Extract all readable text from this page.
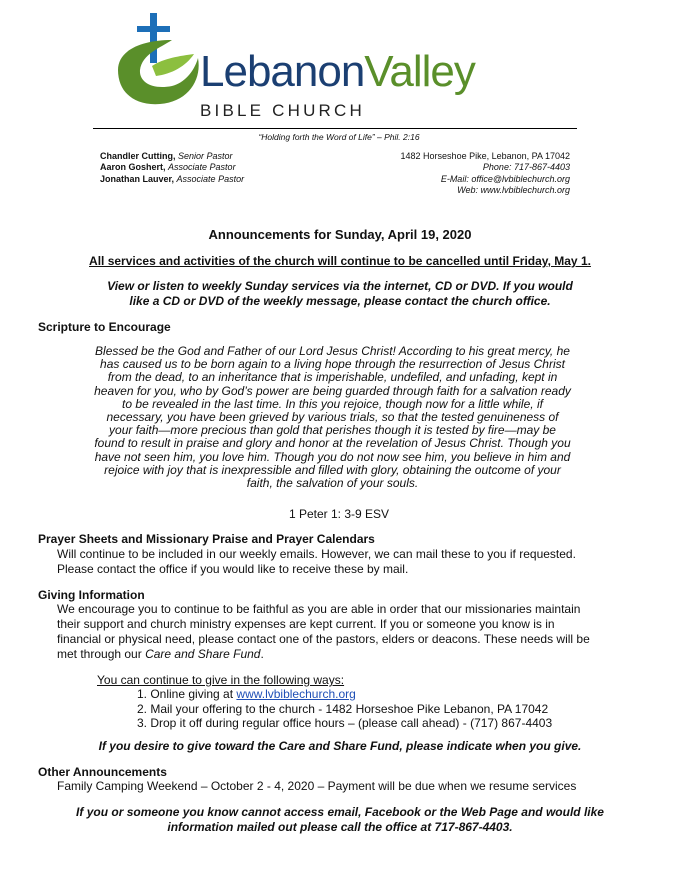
LebanonValley
BIBLE CHURCH
“Holding forth the Word of Life” – Phil. 2:16
Chandler Cutting, Senior Pastor
Aaron Goshert, Associate Pastor
Jonathan Lauver, Associate Pastor
1482 Horseshoe Pike, Lebanon, PA 17042
Phone: 717-867-4403
E-Mail: office@lvbiblechurch.org
Web: www.lvbiblechurch.org
Announcements for Sunday, April 19, 2020
All services and activities of the church will continue to be cancelled until Friday, May 1.
View or listen to weekly Sunday services via the internet, CD or DVD. If you would
like a CD or DVD of the weekly message, please contact the church office.
Scripture to Encourage
Blessed be the God and Father of our Lord Jesus Christ! According to his great mercy, he
has caused us to be born again to a living hope through the resurrection of Jesus Christ
from the dead, to an inheritance that is imperishable, undefiled, and unfading, kept in
heaven for you, who by God’s power are being guarded through faith for a salvation ready
to be revealed in the last time. In this you rejoice, though now for a little while, if
necessary, you have been grieved by various trials, so that the tested genuineness of
your faith—more precious than gold that perishes though it is tested by fire—may be
found to result in praise and glory and honor at the revelation of Jesus Christ. Though you
have not seen him, you love him. Though you do not now see him, you believe in him and
rejoice with joy that is inexpressible and filled with glory, obtaining the outcome of your
faith, the salvation of your souls.
1 Peter 1: 3-9 ESV
Prayer Sheets and Missionary Praise and Prayer Calendars
Will continue to be included in our weekly emails. However, we can mail these to you if requested.
Please contact the office if you would like to receive these by mail.
Giving Information
We encourage you to continue to be faithful as you are able in order that our missionaries maintain
their support and church ministry expenses are kept current. If you or someone you know is in
financial or physical need, please contact one of the pastors, elders or deacons. These needs will be
met through our Care and Share Fund.
You can continue to give in the following ways:
1. Online giving at www.lvbiblechurch.org
2. Mail your offering to the church - 1482 Horseshoe Pike Lebanon, PA 17042
3. Drop it off during regular office hours – (please call ahead) - (717) 867-4403
If you desire to give toward the Care and Share Fund, please indicate when you give.
Other Announcements
Family Camping Weekend – October 2 - 4, 2020 – Payment will be due when we resume services
If you or someone you know cannot access email, Facebook or the Web Page and would like
information mailed out please call the office at 717-867-4403.
